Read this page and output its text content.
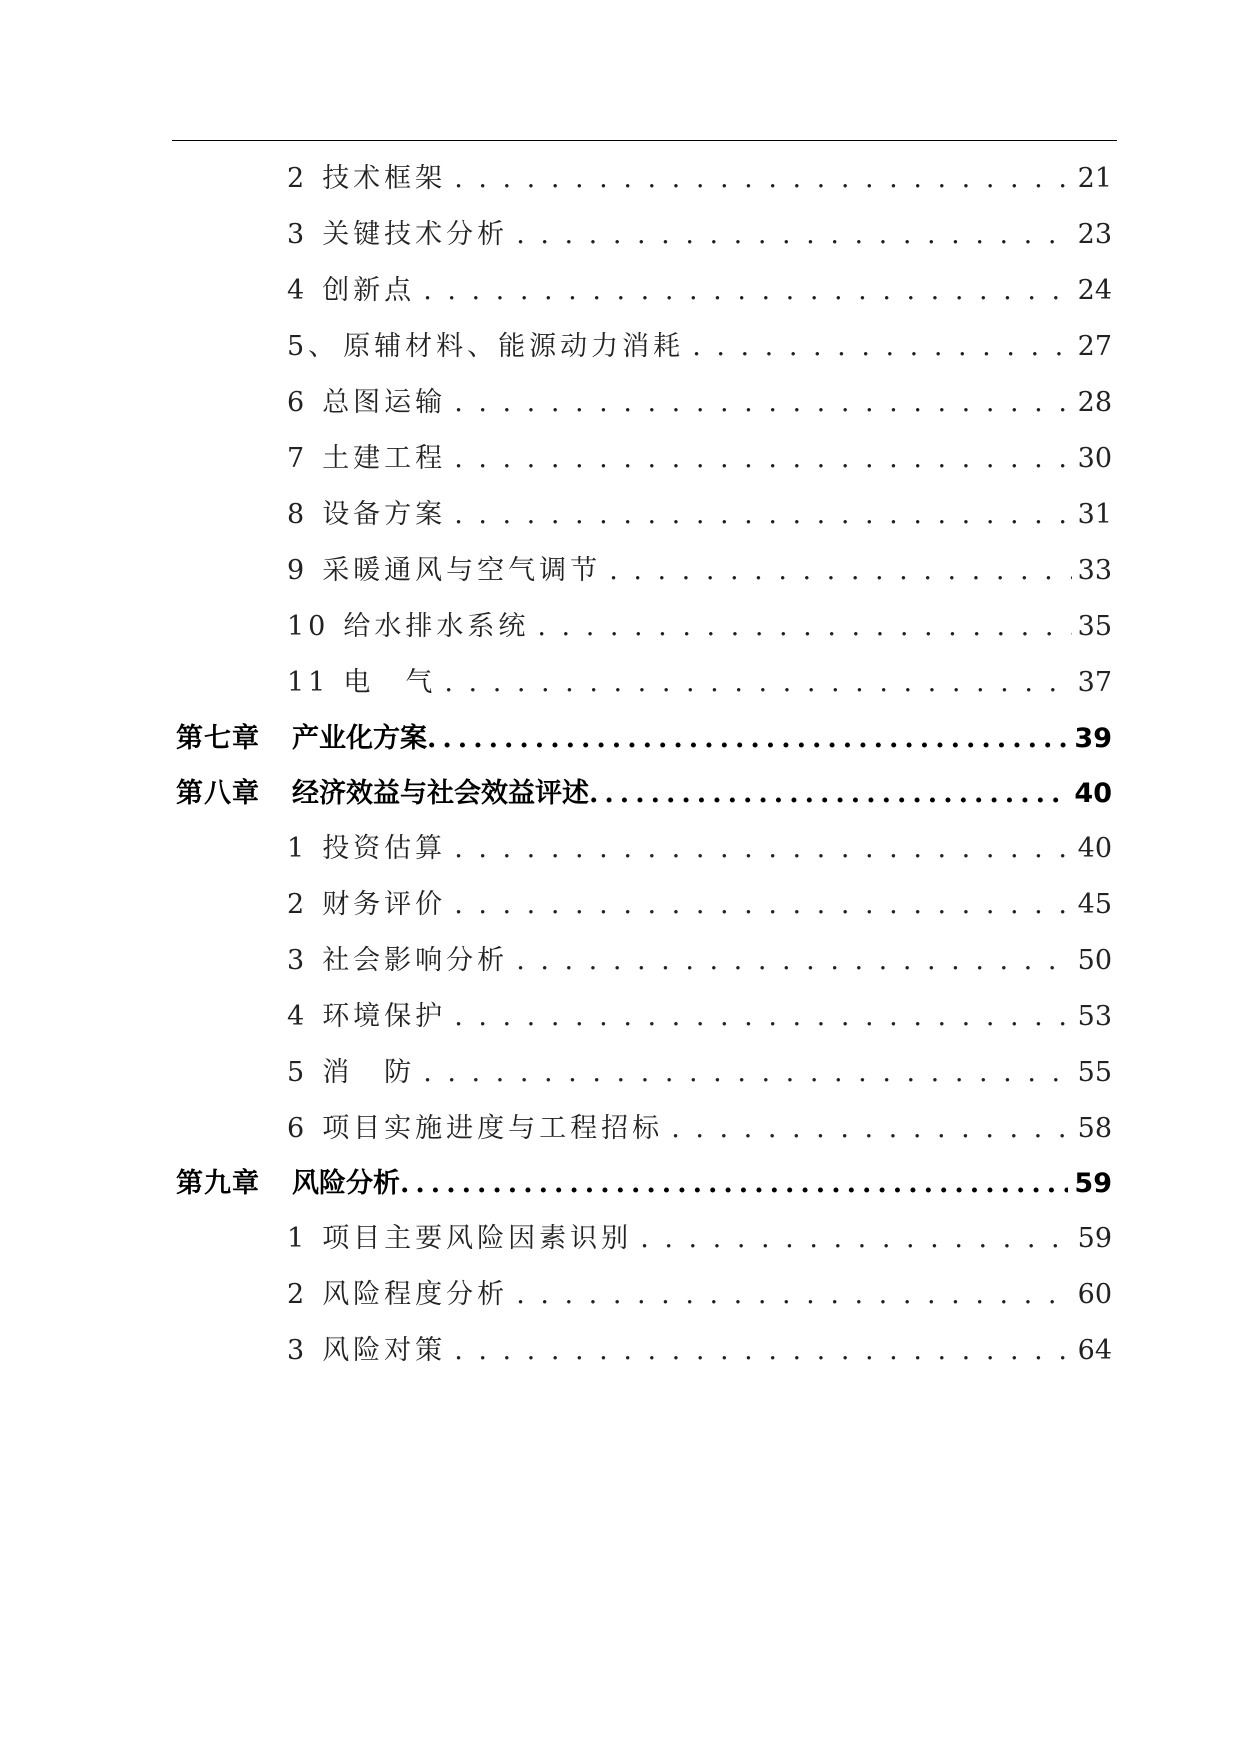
2 技术框架 . . .	21
3 关键技术分析 . . .	23
4 创新点 . . .	24
5、 原辅材料、能源动力消耗 . . .	27
6 总图运输 . . .	28
7 土建工程 . . .	30
8 设备方案 . . .	31
9 采暖通风与空气调节 . . .	33
10 给水排水系统 . . .	35
11 电　气 . . .	37
第七章 产业化方案 .....	39
第八章 经济效益与社会效益评述 .....	40
1 投资估算 . . .	40
2 财务评价 . . .	45
3 社会影响分析 . . .	50
4 环境保护 . . .	53
5 消　防 . . .	55
6 项目实施进度与工程招标 . . .	58
第九章 风险分析 .....	59
1 项目主要风险因素识别 . . .	59
2 风险程度分析 . . .	60
3 风险对策 . . .	64
